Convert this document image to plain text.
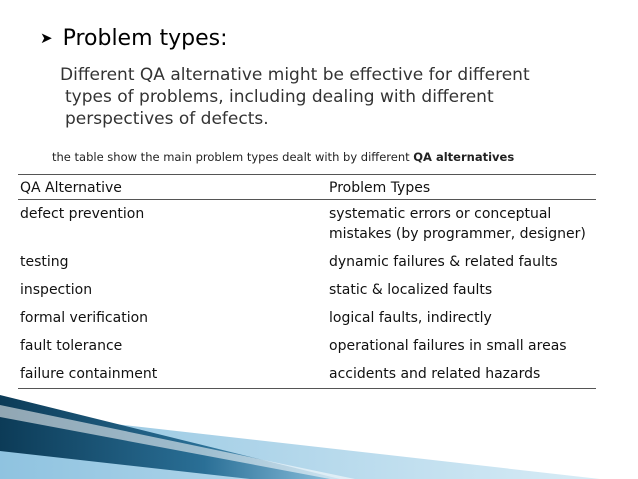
➤ Problem types:
Different QA alternative might be effective for different
types of problems, including dealing with different
perspectives of defects.
the table show the main problem types dealt with by different QA alternatives
QA Alternative	Problem Types
defect prevention	systematic errors or conceptual
mistakes (by programmer, designer)

testing	dynamic failures & related faults
inspection	static & localized faults
formal verification	logical faults, indirectly
fault tolerance	operational failures in small areas
failure containment	accidents and related hazards
